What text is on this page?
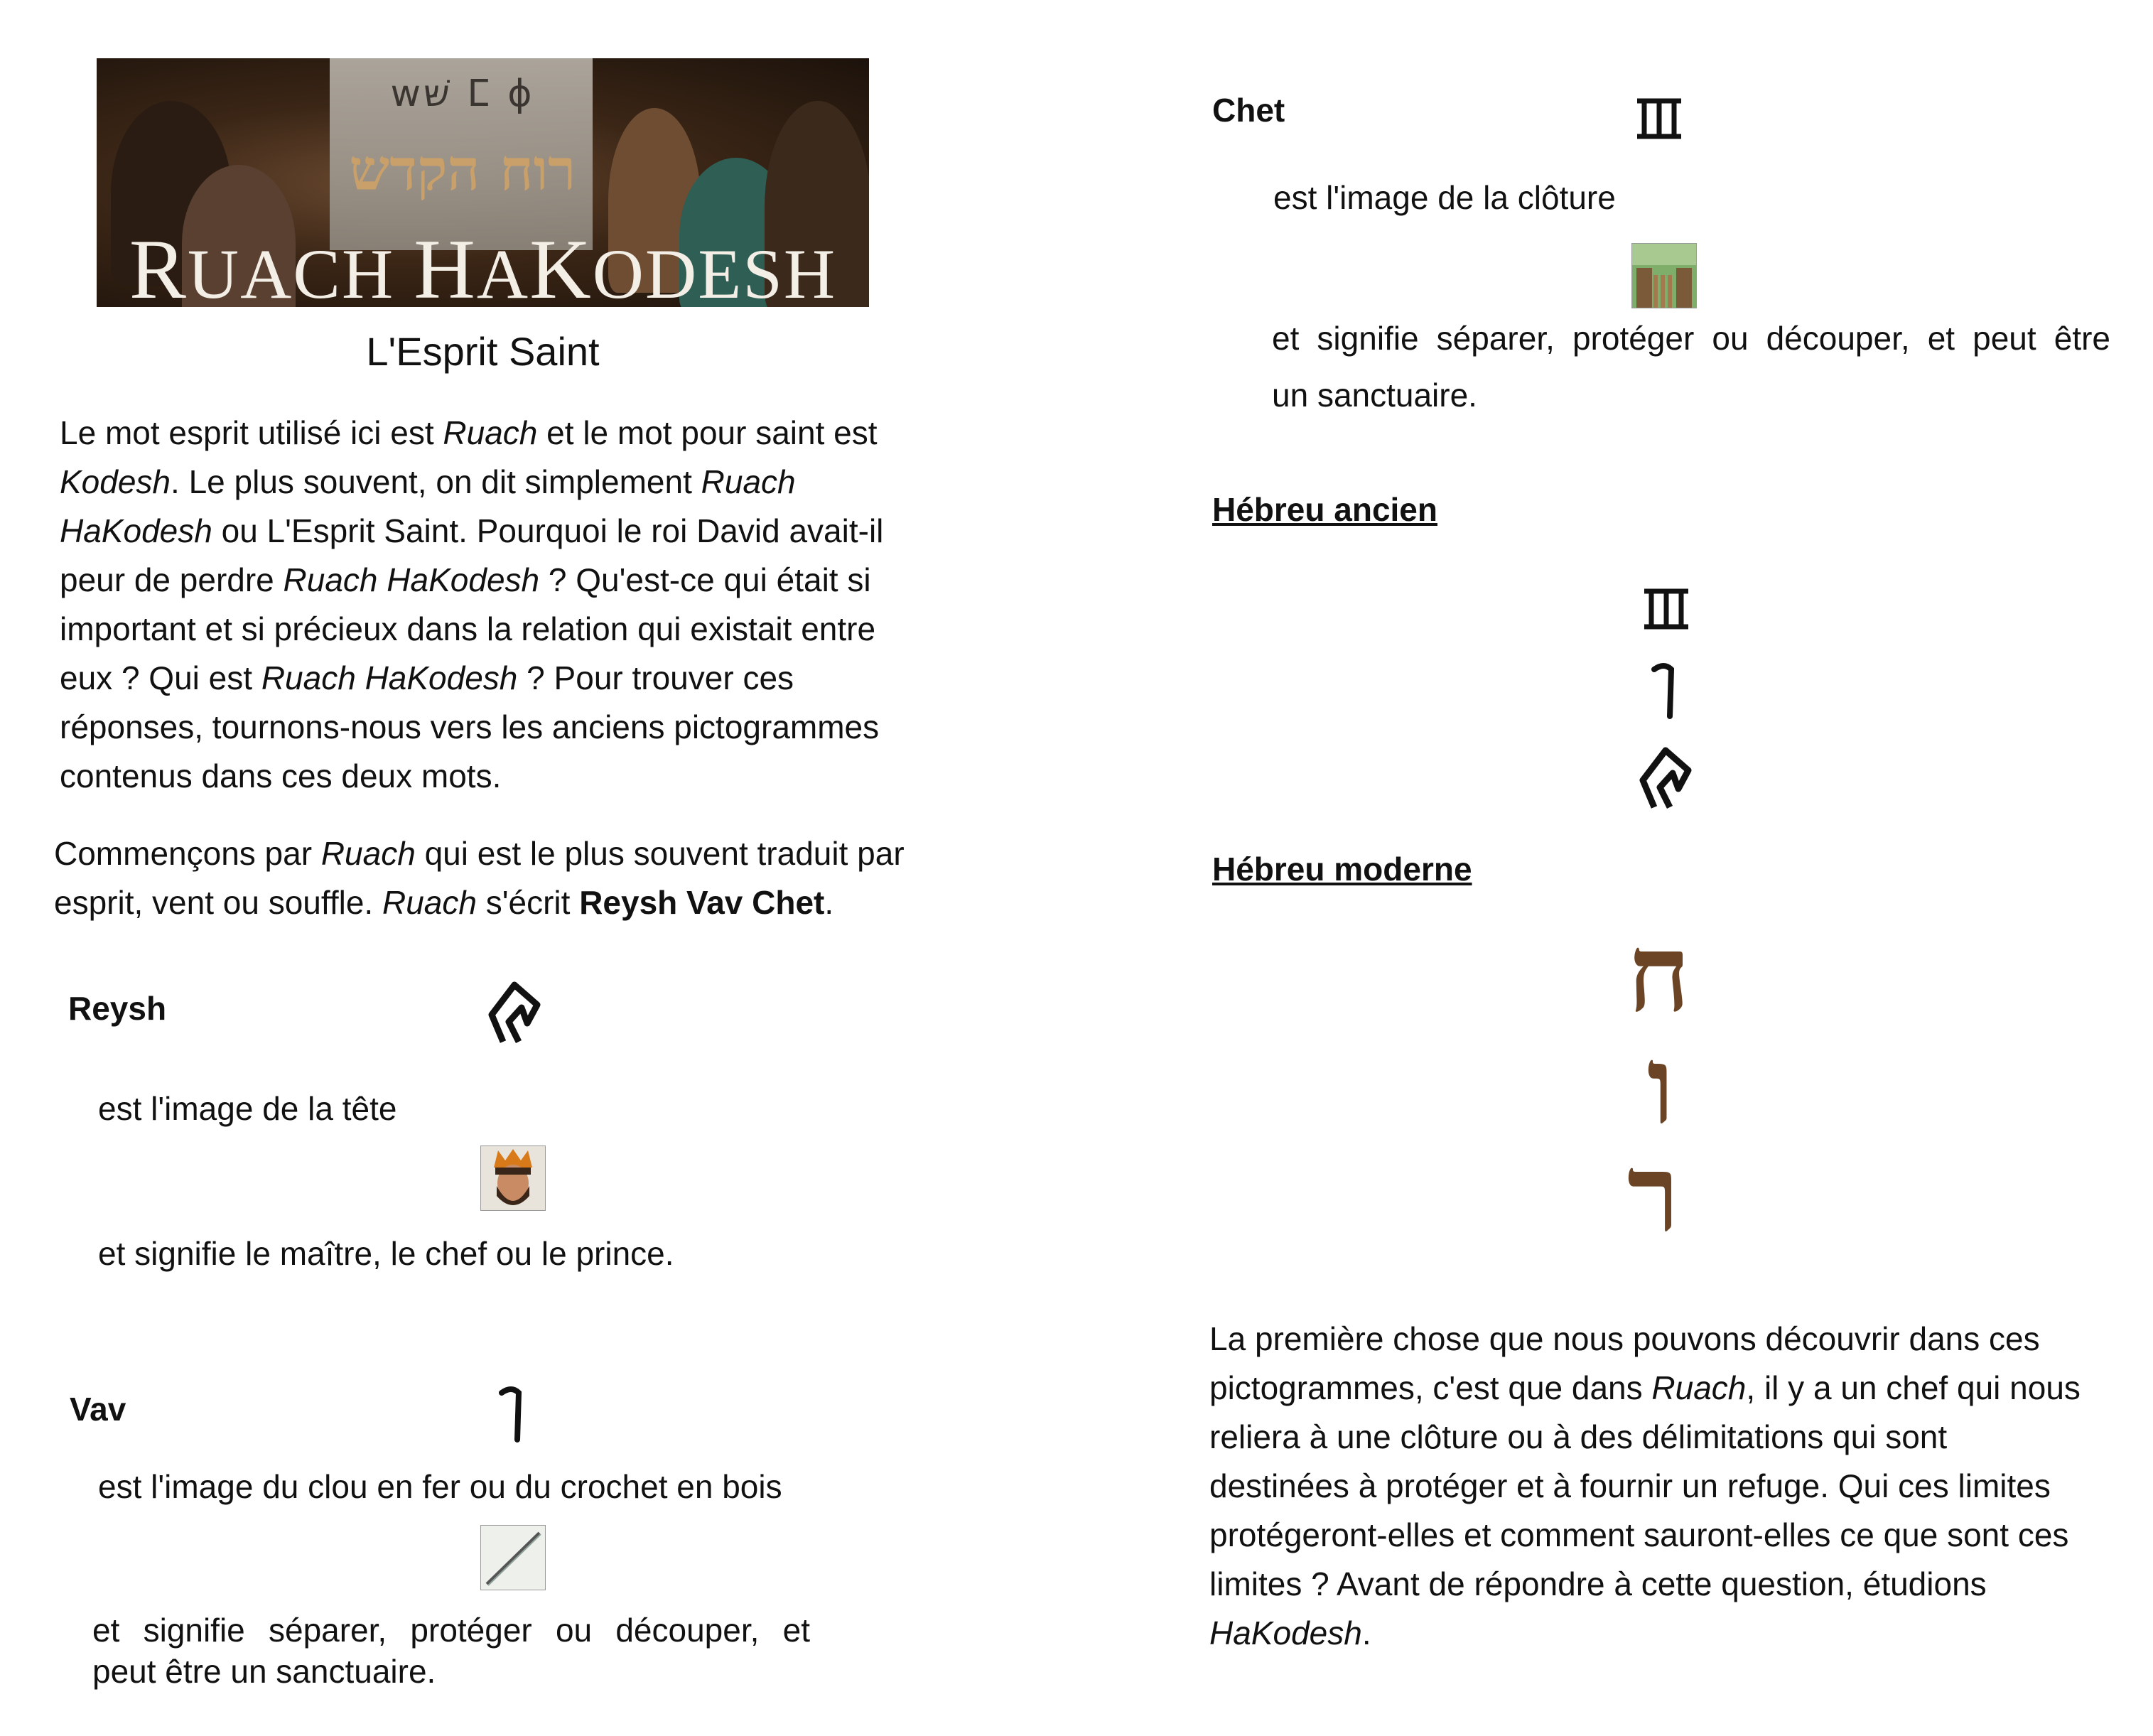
wשּּׁ ⵎ ɸ
רוח הקדש
RUACH HAKODESH
L'Esprit Saint
Le mot esprit utilisé ici est Ruach et le mot pour saint est
Kodesh. Le plus souvent, on dit simplement Ruach
HaKodesh ou L'Esprit Saint. Pourquoi le roi David avait-il
peur de perdre Ruach HaKodesh ? Qu'est-ce qui était si
important et si précieux dans la relation qui existait entre
eux ? Qui est Ruach HaKodesh ? Pour trouver ces
réponses, tournons-nous vers les anciens pictogrammes
contenus dans ces deux mots.
Commençons par Ruach qui est le plus souvent traduit par
esprit, vent ou souffle. Ruach s'écrit Reysh Vav Chet.
Reysh
est l'image de la tête
et signifie le maître, le chef ou le prince.
Vav
est l'image du clou en fer ou du crochet en bois
et signifie séparer, protéger ou découper, et
peut être un sanctuaire.
Chet
est l'image de la clôture
et signifie séparer, protéger ou découper, et peut être
un sanctuaire.
Hébreu ancien
Hébreu moderne
ח
ו
ר
La première chose que nous pouvons découvrir dans ces
pictogrammes, c'est que dans Ruach, il y a un chef qui nous
reliera à une clôture ou à des délimitations qui sont
destinées à protéger et à fournir un refuge. Qui ces limites
protégeront-elles et comment sauront-elles ce que sont ces
limites ? Avant de répondre à cette question, étudions
HaKodesh.
